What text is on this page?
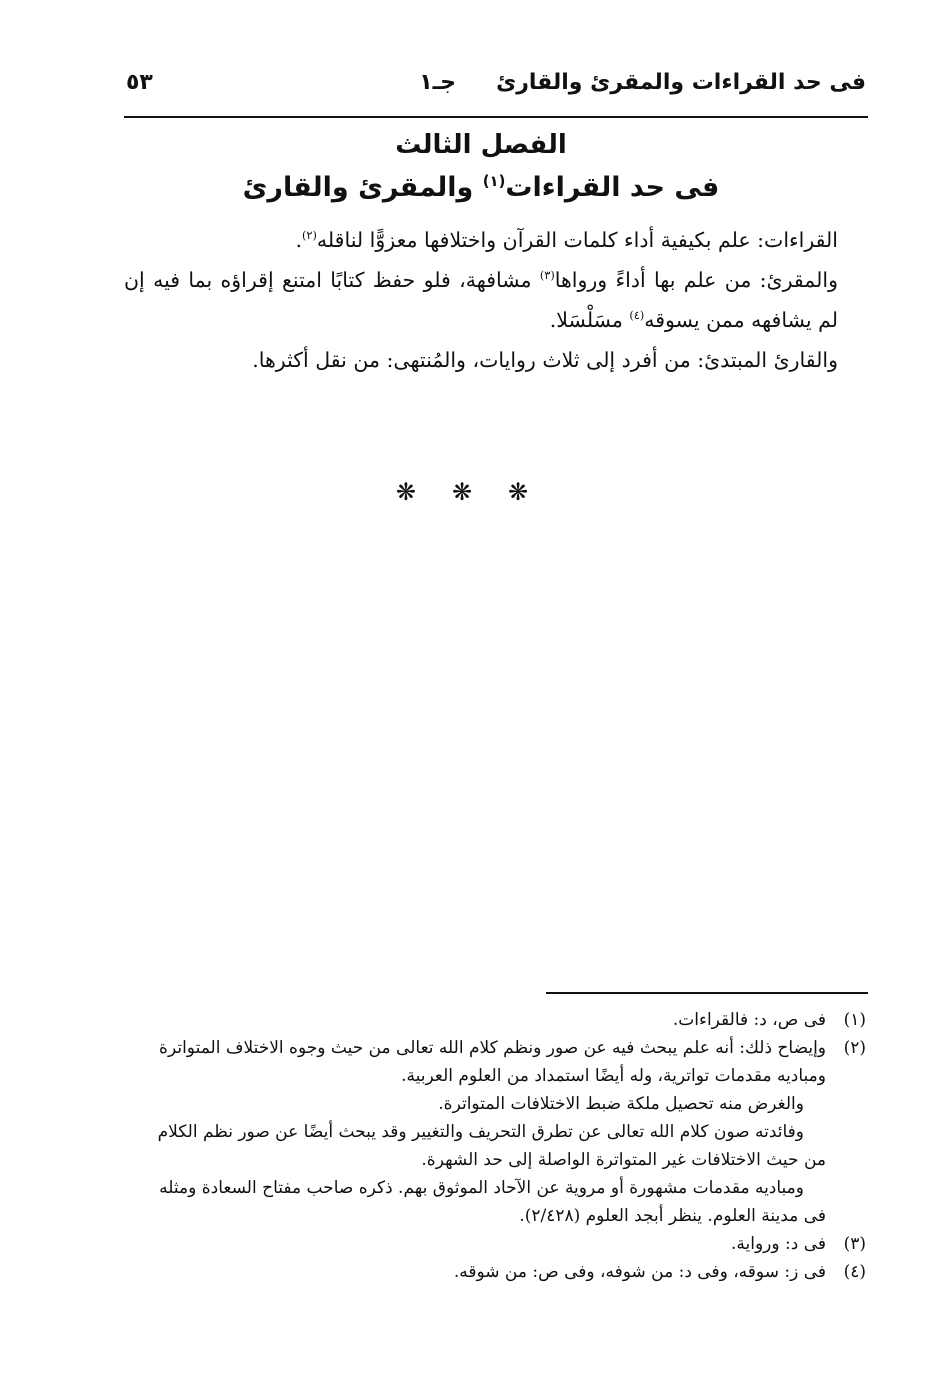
فى حد القراءات والمقرئ والقارئ
جـ١
٥٣
الفصل الثالث
فى حد القراءات$^{(١)}$ والمقرئ والقارئ

القراءات: علم بكيفية أداء كلمات القرآن واختلافها معزوًّا لناقله$^{(٢)}$.

والمقرئ: من علم بها أداءً ورواها$^{(٣)}$ مشافهة، فلو حفظ كتابًا امتنع إقراؤه بما فيه إن لم يشافهه ممن يسوقه$^{(٤)}$ مسَلْسَلا.

والقارئ المبتدئ: من أفرد إلى ثلاث روايات، والمُنتهى: من نقل أكثرها.

❋❋❋
(١)
فى ص، د: فالقراءات.
(٢)
وإيضاح ذلك: أنه علم يبحث فيه عن صور ونظم كلام الله تعالى من حيث وجوه الاختلاف المتواترة
ومباديه مقدمات تواترية، وله أيضًا استمداد من العلوم العربية.
والغرض منه تحصيل ملكة ضبط الاختلافات المتواترة.
وفائدته صون كلام الله تعالى عن تطرق التحريف والتغيير وقد يبحث أيضًا عن صور نظم الكلام
من حيث الاختلافات غير المتواترة الواصلة إلى حد الشهرة.
ومباديه مقدمات مشهورة أو مروية عن الآحاد الموثوق بهم. ذكره صاحب مفتاح السعادة ومثله
فى مدينة العلوم. ينظر أبجد العلوم (٢/٤٢٨).
(٣)
فى د: ورواية.
(٤)
فى ز: سوقه، وفى د: من شوفه، وفى ص: من شوقه.
